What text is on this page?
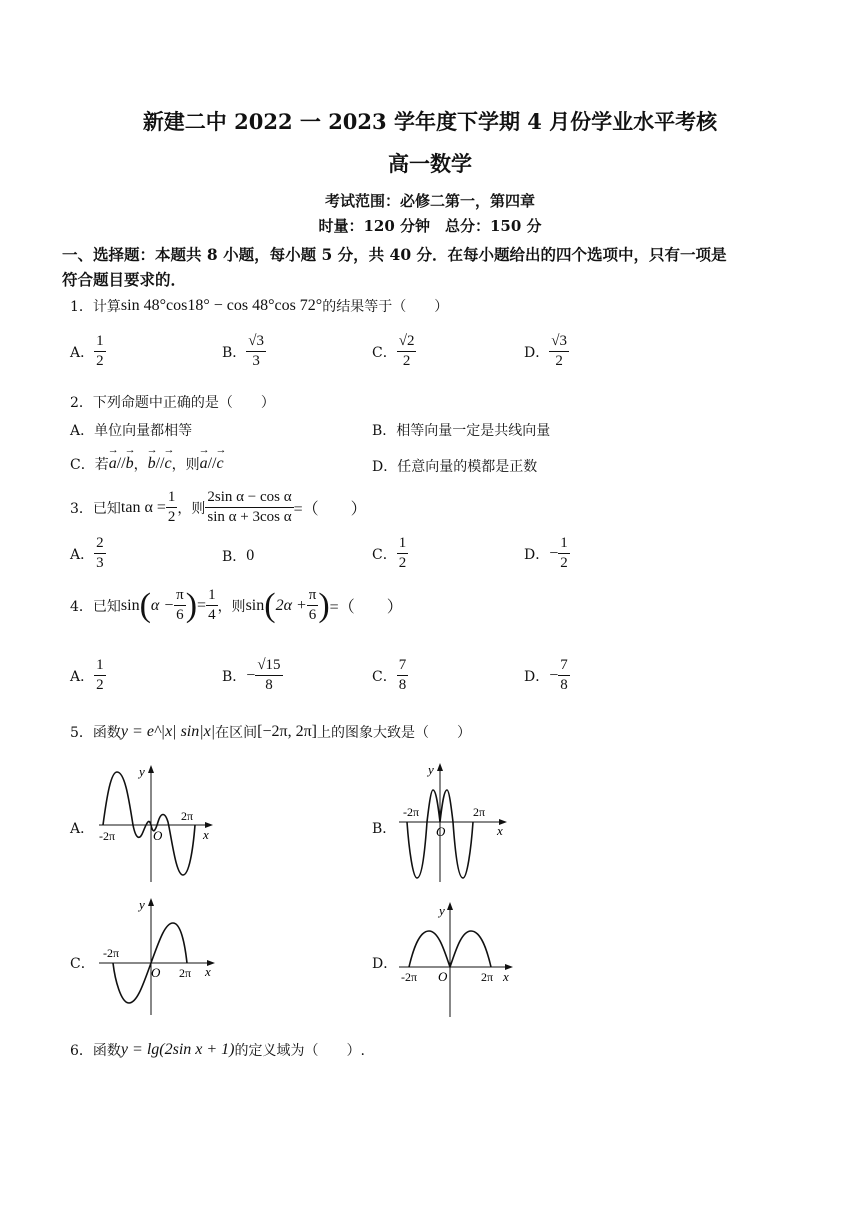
新建二中 2022 一 2023 学年度下学期 4 月份学业水平考核
高一数学
考试范围：必修二第一，第四章
时量：120 分钟　总分：150 分
一、选择题：本题共 8 小题，每小题 5 分，共 40 分．在每小题给出的四个选项中，只有一项是
符合题目要求的．
1．计算 sin 48°cos18° − cos 48°cos 72° 的结果等于（　　）
A． $\frac{1}{2}$	B． $\frac{√3}{3}$	C． $\frac{√2}{2}$	D． $\frac{√3}{2}$
2．下列命题中正确的是（　　）
A．单位向量都相等	B．相等向量一定是共线向量
C．若 → a // → b ， → b // → c ，则 → a // → c	D．任意向量的模都是正数
3．已知 $\tan \alpha = \frac{1}{2}$ ，则 $\frac{\text{2sin α − cos α}}{\text{sin α + 3cos α}}$ =（　　）
A． $\frac{2}{3}$	B． 0	C． $\frac{1}{2}$	D． − $\frac{1}{2}$
4．已知 sin ( $\alpha - \frac{\pi}{6}$ ) = $\frac{1}{4}$ ，则 sin ( $2\alpha + \frac{\pi}{6}$ ) =（　　）
A． $\frac{1}{2}$	B． − $\frac{√15}{8}$	C． $\frac{7}{8}$	D． − $\frac{7}{8}$
5．函数 y = e^|x| sin|x| 在区间 [−2π, 2π] 上的图象大致是（　　）
A．
y
x
O
-2π
2π
B．
y
x
O
-2π	2π
C．
y
x
O
-2π
2π
D．
y
x
O
-2π	2π
6．函数 y = lg(2sin x + 1) 的定义域为（　　）.
